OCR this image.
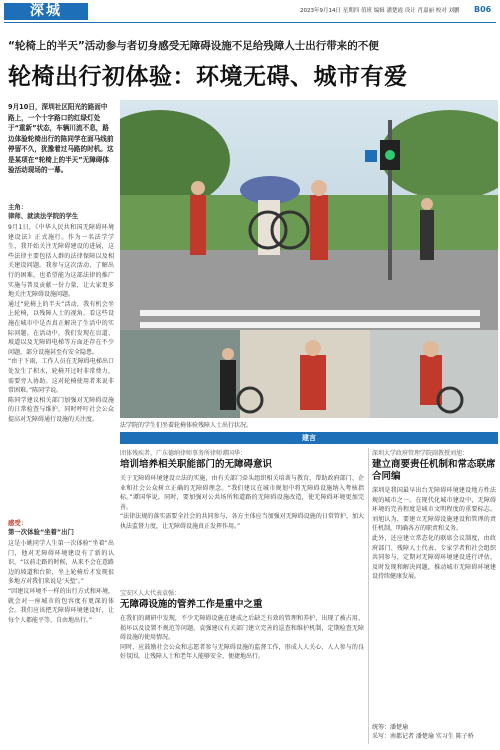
深城	2023年9月14日 星期四 值班 编辑 潘楚霞 设计 肖嘉丽 校对 刘鹏 B06
“轮椅上的半天”活动参与者切身感受无障碍设施不足给残障人士出行带来的不便
轮椅出行初体验：环境无碍、城市有爱
9月10日，深圳社区阳光的路面中路上，一个十字路口的红绿灯处于“重新”状态，车辆川流不息，路边体验轮椅出行的陈同学在面马线前停留不久，犹豫着过马路的时机。这是某项在“轮椅上的半天”无障碍体验活动现场的一幕。
主角：
律师、就读法学院的学生
9月1日，《中华人民共和国无障碍环境建设法》正式施行。作为一名法学学生，我开始关注无障碍建设的进展，这些法律主要包括人群的法律保障以及相关建设问题。我参与这次活动，了解出行的困难，也希望能为这部法律的推广实施与普及贡献一份力量，让大家更多地关注无障碍设施问题。
通过“轮椅上的半天”活动，我有机会坐上轮椅，以残障人士的视角，看这些设施在城市中是否真正解决了生活中的实际问题。在活动中，我们发现在盲道、坡道以及无障碍电梯等方面还存在不少问题，部分设施甚至有安全隐患。
“由于下雨，工作人员在无障碍电梯出口处发生了积水，轮椅开过时非常费力，需要旁人协助。这对轮椅使用者来说非常困难。”陈同学说。
陈同学建议相关部门加强对无障碍设施的日常检查与维护，同时呼吁社会公众提高对无障碍通行设施的关注度。
感受：
第一次体验“坐着”出门
这是小姚同学人生第一次体验“坐着”出门，他对无障碍环境建设有了新的认识，“以前走路的时候，从来不会在意路边的坡道和台阶，坐上轮椅后才发现很多地方对我们来说是‘天堑’。”
“因建议环境不一样的出行方式和环境，就会对一座城市的包容度有更深的体会。我们应该把无障碍环境建设好，让每个人都能平等、自由地出行。”
法学院的学生们坐着轮椅体验残障人士出行状况。
建言
团体残疾者、广东德纳律师事务所律师谭国华：
培训培养相关职能部门的无障碍意识
关于无障碍环境建设立法的实施，由有关部门牵头组织相关培训与教育，帮助政府部门、企业和社会公众树立正确的无障碍理念。“我们建议在城市规划中将无障碍设施纳入考核指标。”谭国华说，同时，要加强对公共场所和道路的无障碍设施改造，使无障碍环境更加完善。
“法律法规的落实需要全社会的共同参与，各方主体应当加强对无障碍设施的日常管护，加大执法监督力度，让无障碍设施真正发挥作用。”
宝安区人大代表袁强：
无障碍设施的管养工作是重中之重
在我们的调研中发现，不少无障碍设施在建成之后缺乏有效的管理和养护，出现了被占用、损坏以及设置不规范等问题。袁强建议有关部门建立完善的巡查和维护机制，定期检查无障碍设施的使用情况。
同时，应鼓励社会公众和志愿者参与无障碍设施的监督工作，形成人人关心、人人参与的良好氛围，让残障人士和老年人能够安全、便捷地出行。
深圳大学政府管理学院副教授刘旭：
建立商要责任机制和常态联席合同编
深圳是我国最早出台无障碍环境建设地方性法规的城市之一。在现代化城市建设中，无障碍环境的完善程度是城市文明程度的重要标志。刘旭认为，要建立无障碍设施建设和管理的责任机制，明确各方的职责和义务。
此外，还应建立常态化的联席会议制度，由政府部门、残障人士代表、专家学者和社会组织共同参与，定期对无障碍环境建设进行评估，及时发现和解决问题，推动城市无障碍环境建设持续健康发展。
统筹：潘楚瑜
采写：南都记者 潘楚瑜 实习生 陈子桥
